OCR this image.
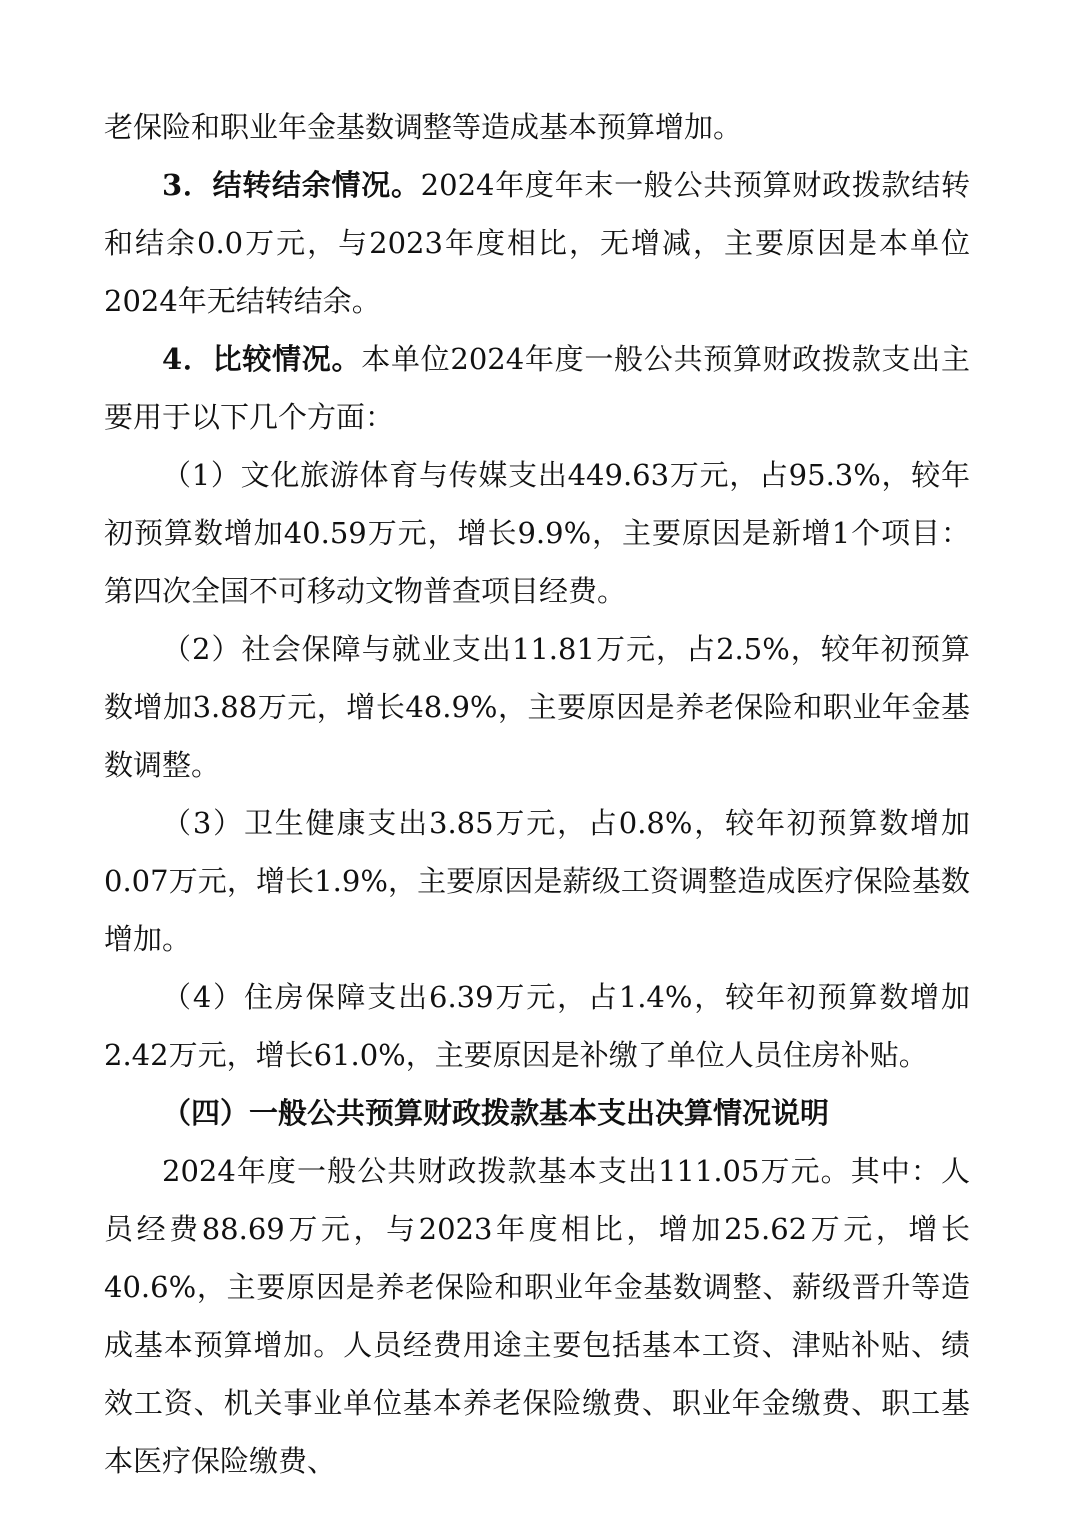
老保险和职业年金基数调整等造成基本预算增加。

3．结转结余情况。2024年度年末一般公共预算财政拨款结转和结余0.0万元，与2023年度相比，无增减，主要原因是本单位2024年无结转结余。

4．比较情况。本单位2024年度一般公共预算财政拨款支出主要用于以下几个方面：

（1）文化旅游体育与传媒支出449.63万元，占95.3%，较年初预算数增加40.59万元，增长9.9%，主要原因是新增1个项目：第四次全国不可移动文物普查项目经费。

（2）社会保障与就业支出11.81万元，占2.5%，较年初预算数增加3.88万元，增长48.9%，主要原因是养老保险和职业年金基数调整。

（3）卫生健康支出3.85万元，占0.8%，较年初预算数增加0.07万元，增长1.9%，主要原因是薪级工资调整造成医疗保险基数增加。

（4）住房保障支出6.39万元，占1.4%，较年初预算数增加2.42万元，增长61.0%，主要原因是补缴了单位人员住房补贴。

（四）一般公共预算财政拨款基本支出决算情况说明

2024年度一般公共财政拨款基本支出111.05万元。其中：人员经费88.69万元，与2023年度相比，增加25.62万元，增长40.6%，主要原因是养老保险和职业年金基数调整、薪级晋升等造成基本预算增加。人员经费用途主要包括基本工资、津贴补贴、绩效工资、机关事业单位基本养老保险缴费、职业年金缴费、职工基本医疗保险缴费、
